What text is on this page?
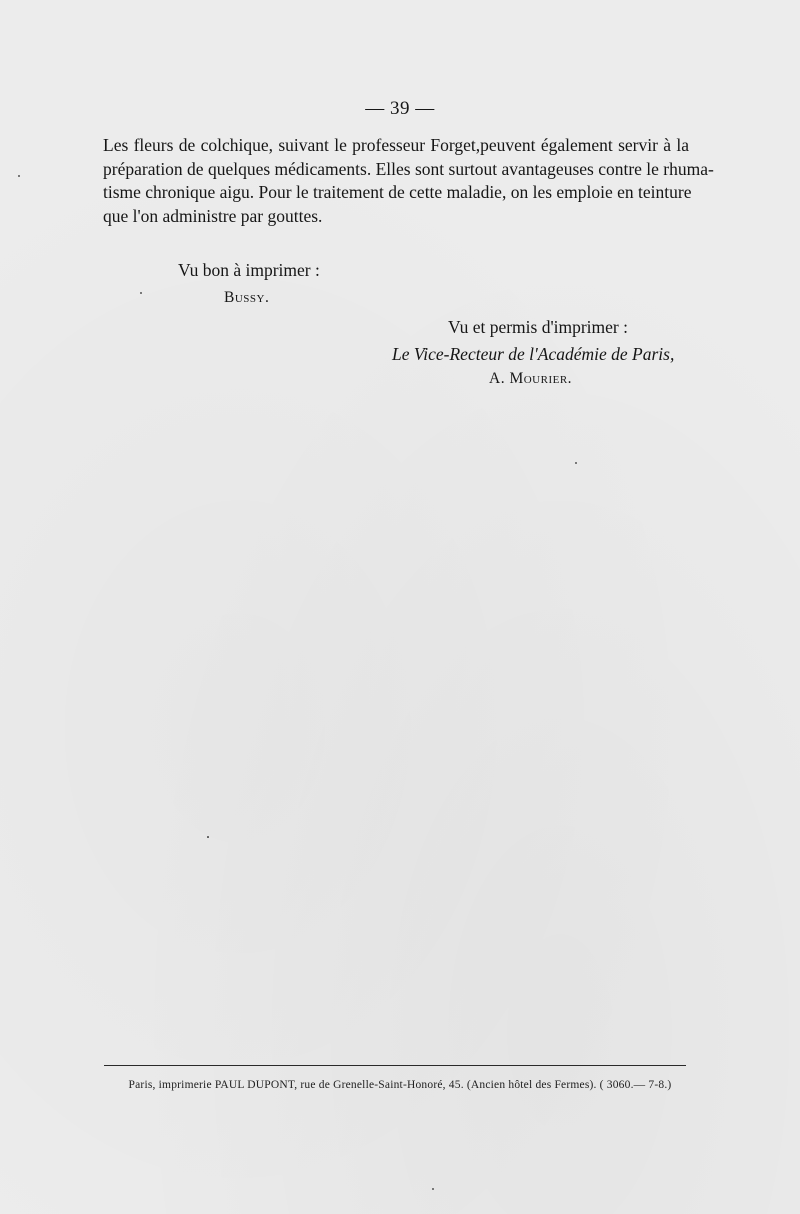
— 39 —

Les fleurs de colchique, suivant le professeur Forget,peuvent également servir à la
préparation de quelques médicaments. Elles sont surtout avantageuses contre le rhuma-
tisme chronique aigu. Pour le traitement de cette maladie, on les emploie en teinture
que l'on administre par gouttes.

Vu bon à imprimer :
Bussy.
Vu et permis d'imprimer :
Le Vice-Recteur de l'Académie de Paris,
A. Mourier.
Paris, imprimerie PAUL DUPONT, rue de Grenelle-Saint-Honoré, 45. (Ancien hôtel des Fermes). ( 3060.— 7-8.)
